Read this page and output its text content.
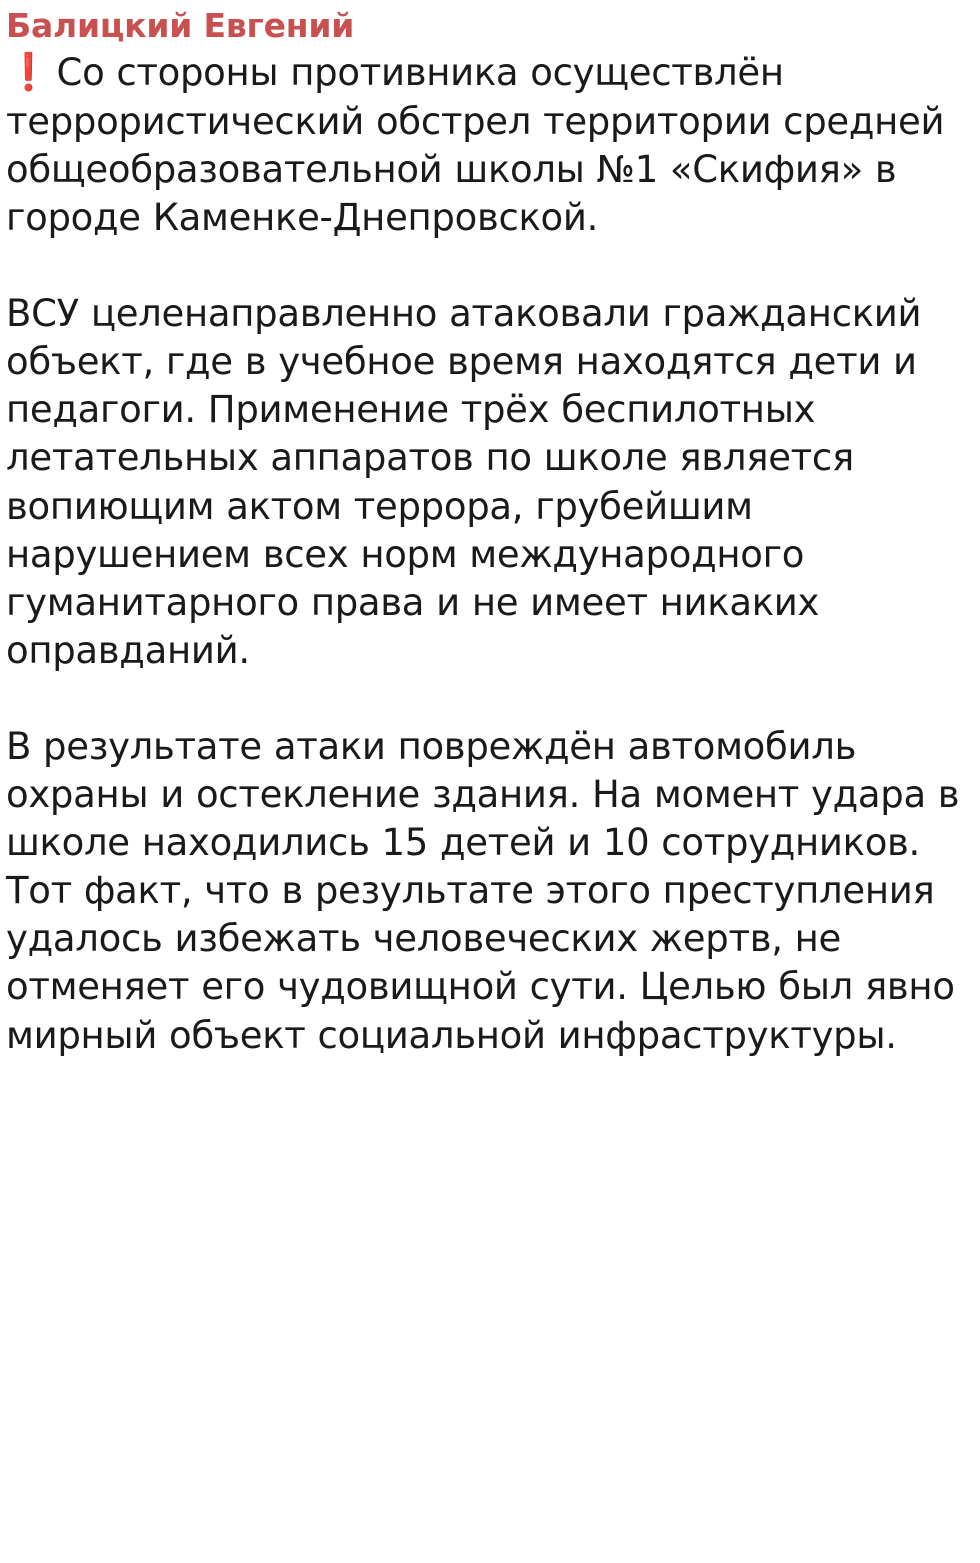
Балицкий Евгений

❗ Со стороны противника осуществлён террористический обстрел территории средней общеобразовательной школы №1 «Скифия» в городе Каменке-Днепровской.

ВСУ целенаправленно атаковали гражданский объект, где в учебное время находятся дети и педагоги. Применение трёх беспилотных летательных аппаратов по школе является вопиющим актом террора, грубейшим нарушением всех норм международного гуманитарного права и не имеет никаких оправданий.

В результате атаки повреждён автомобиль охраны и остекление здания. На момент удара в школе находились 15 детей и 10 сотрудников. Тот факт, что в результате этого преступления удалось избежать человеческих жертв, не отменяет его чудовищной сути. Целью был явно мирный объект социальной инфраструктуры.
